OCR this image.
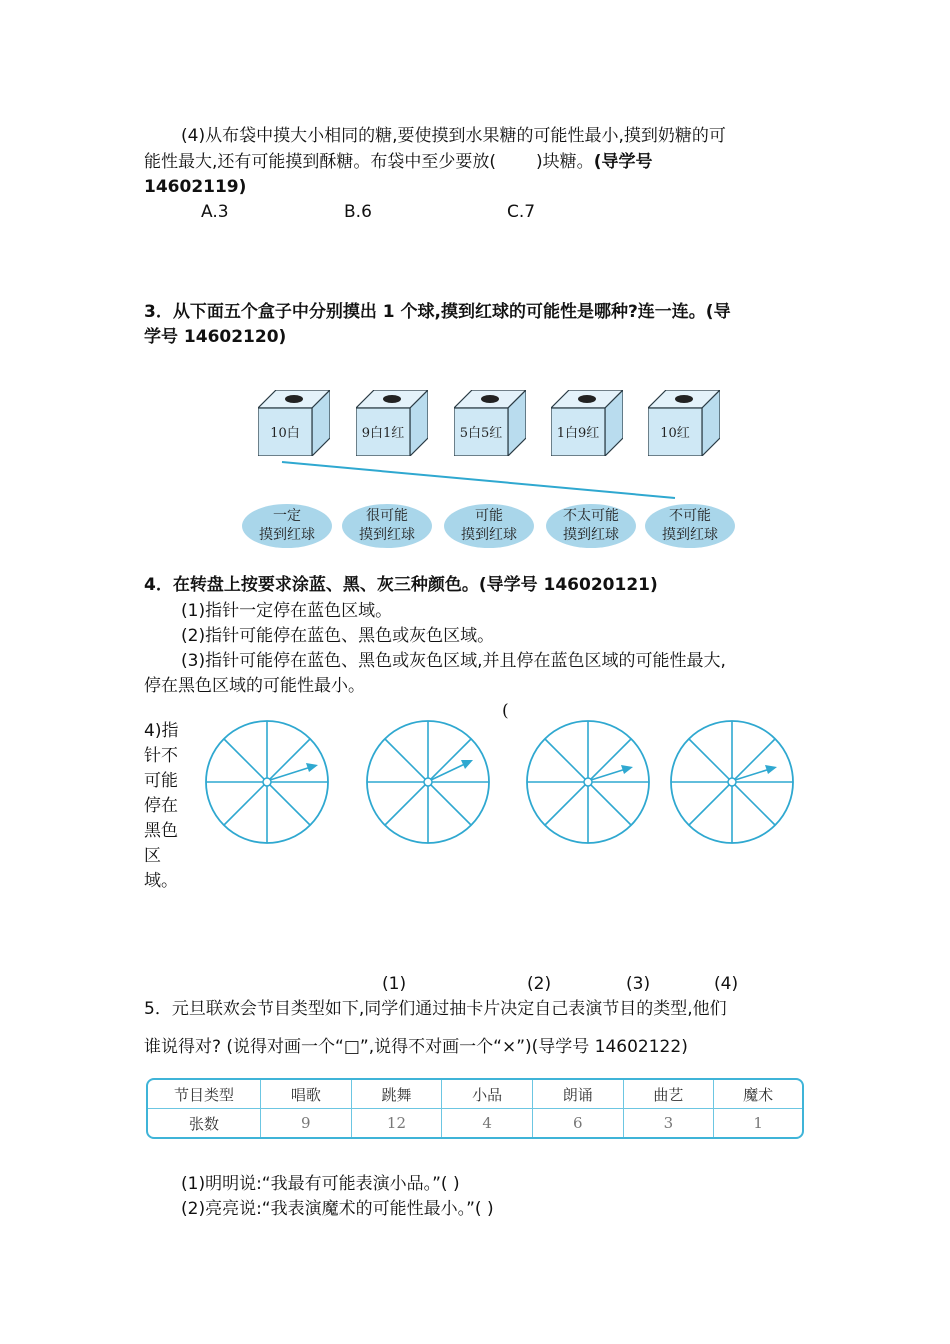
(4)从布袋中摸大小相同的糖,要使摸到水果糖的可能性最小,摸到奶糖的可
能性最大,还有可能摸到酥糖。布袋中至少要放( )块糖。(导学号
14602119)
A.3	B.6	C.7
3．从下面五个盒子中分别摸出 1 个球,摸到红球的可能性是哪种?连一连。(导
学号 14602120)
10白	9白1红	5白5红	1白9红	10红
一定
摸到红球
很可能
摸到红球
可能
摸到红球
不太可能
摸到红球
不可能
摸到红球
4．在转盘上按要求涂蓝、黑、灰三种颜色。(导学号 146020121)
(1)指针一定停在蓝色区域。
(2)指针可能停在蓝色、黑色或灰色区域。
(3)指针可能停在蓝色、黑色或灰色区域,并且停在蓝色区域的可能性最大,
停在黑色区域的可能性最小。
(
4)指针不可能停在黑色区域。
(1)	(2)	(3)	(4)
5．元旦联欢会节目类型如下,同学们通过抽卡片决定自己表演节目的类型,他们
谁说得对? (说得对画一个“□”,说得不对画一个“×”)(导学号 14602122)
节目类型	唱歌	跳舞	小品	朗诵	曲艺	魔术
张数	9	12	4	6	3	1
(1)明明说:“我最有可能表演小品。”( )
(2)亮亮说:“我表演魔术的可能性最小。”( )
